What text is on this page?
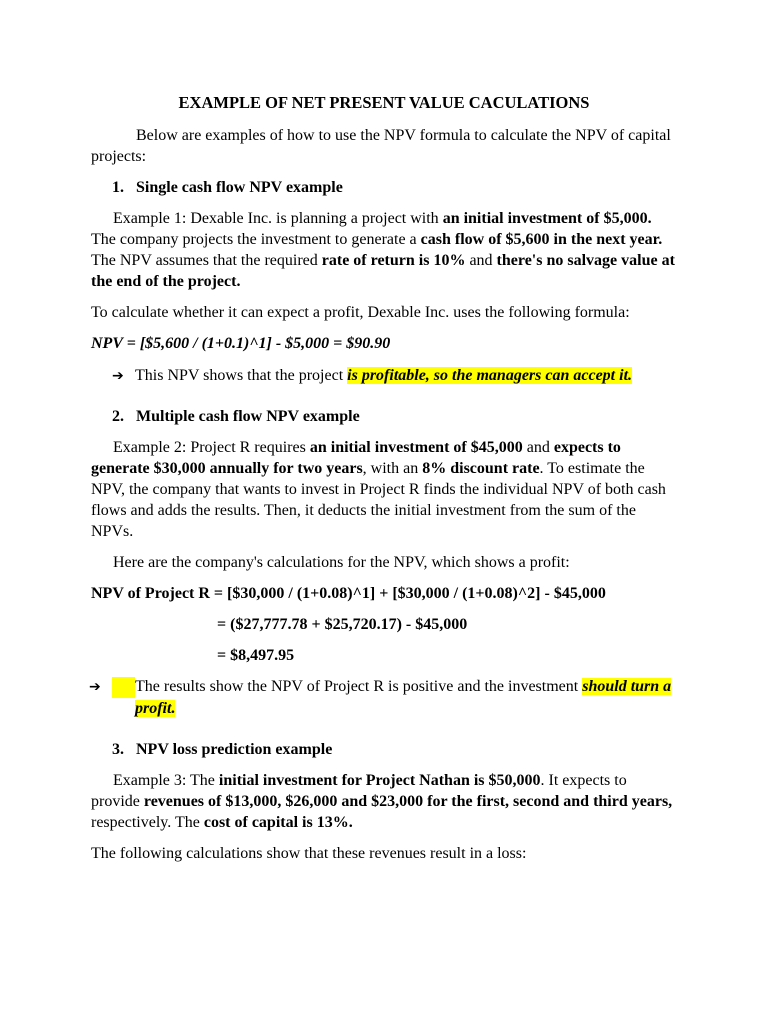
EXAMPLE OF NET PRESENT VALUE CACULATIONS

Below are examples of how to use the NPV formula to calculate the NPV of capital projects:

1. Single cash flow NPV example

Example 1: Dexable Inc. is planning a project with an initial investment of $5,000. The company projects the investment to generate a cash flow of $5,600 in the next year. The NPV assumes that the required rate of return is 10% and there's no salvage value at the end of the project.

To calculate whether it can expect a profit, Dexable Inc. uses the following formula:

NPV = [$5,600 / (1+0.1)^1] - $5,000 = $90.90

➔ This NPV shows that the project is profitable, so the managers can accept it.

2. Multiple cash flow NPV example

Example 2: Project R requires an initial investment of $45,000 and expects to generate $30,000 annually for two years, with an 8% discount rate. To estimate the NPV, the company that wants to invest in Project R finds the individual NPV of both cash flows and adds the results. Then, it deducts the initial investment from the sum of the NPVs.

Here are the company's calculations for the NPV, which shows a profit:

NPV of Project R = [$30,000 / (1+0.08)^1] + [$30,000 / (1+0.08)^2] - $45,000

= ($27,777.78 + $25,720.17) - $45,000

= $8,497.95

➔ The results show the NPV of Project R is positive and the investment should turn a profit.

3. NPV loss prediction example

Example 3: The initial investment for Project Nathan is $50,000. It expects to provide revenues of $13,000, $26,000 and $23,000 for the first, second and third years, respectively. The cost of capital is 13%.

The following calculations show that these revenues result in a loss:
